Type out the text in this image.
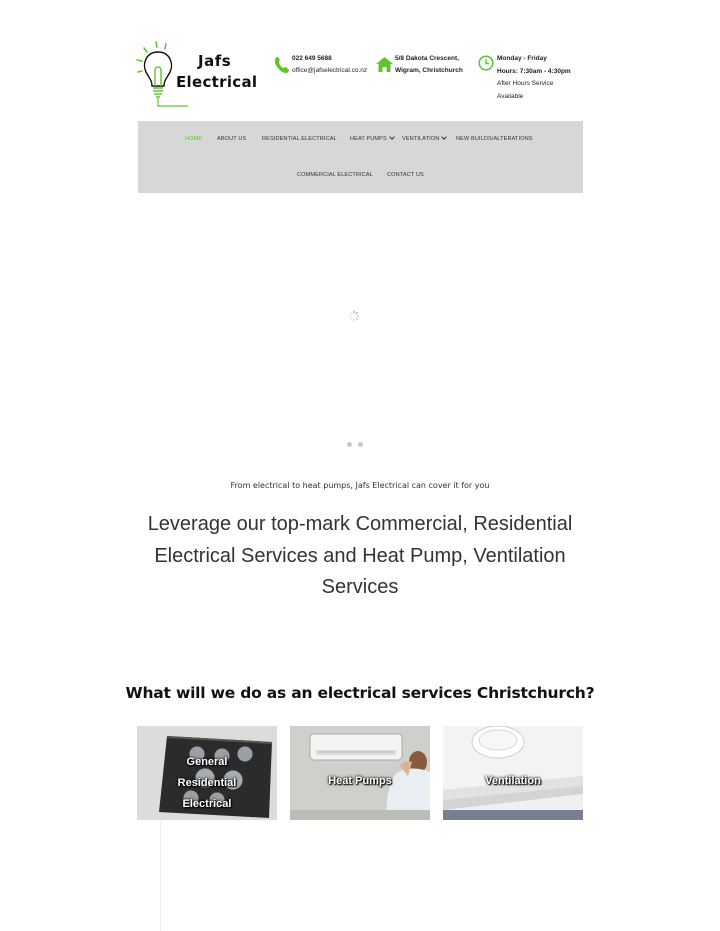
Jafs
Electrical
022 649 5688
office@jafselectrical.co.nz
5/8 Dakota Crescent,
Wigram, Christchurch
Monday - Friday
Hours: 7:30am - 4:30pm
After Hours Service
Available
HOME	ABOUT US	RESIDENTIAL ELECTRICAL HEAT PUMPS	VENTILATION	NEW BUILDS/ALTERATIONS
COMMERCIAL ELECTRICAL	CONTACT US
From electrical to heat pumps, Jafs Electrical can cover it for you
Leverage our top-mark Commercial, Residential Electrical Services and Heat Pump, Ventilation Services
What will we do as an electrical services Christchurch?
General
Residential
Electrical
Heat Pumps	Ventilation
